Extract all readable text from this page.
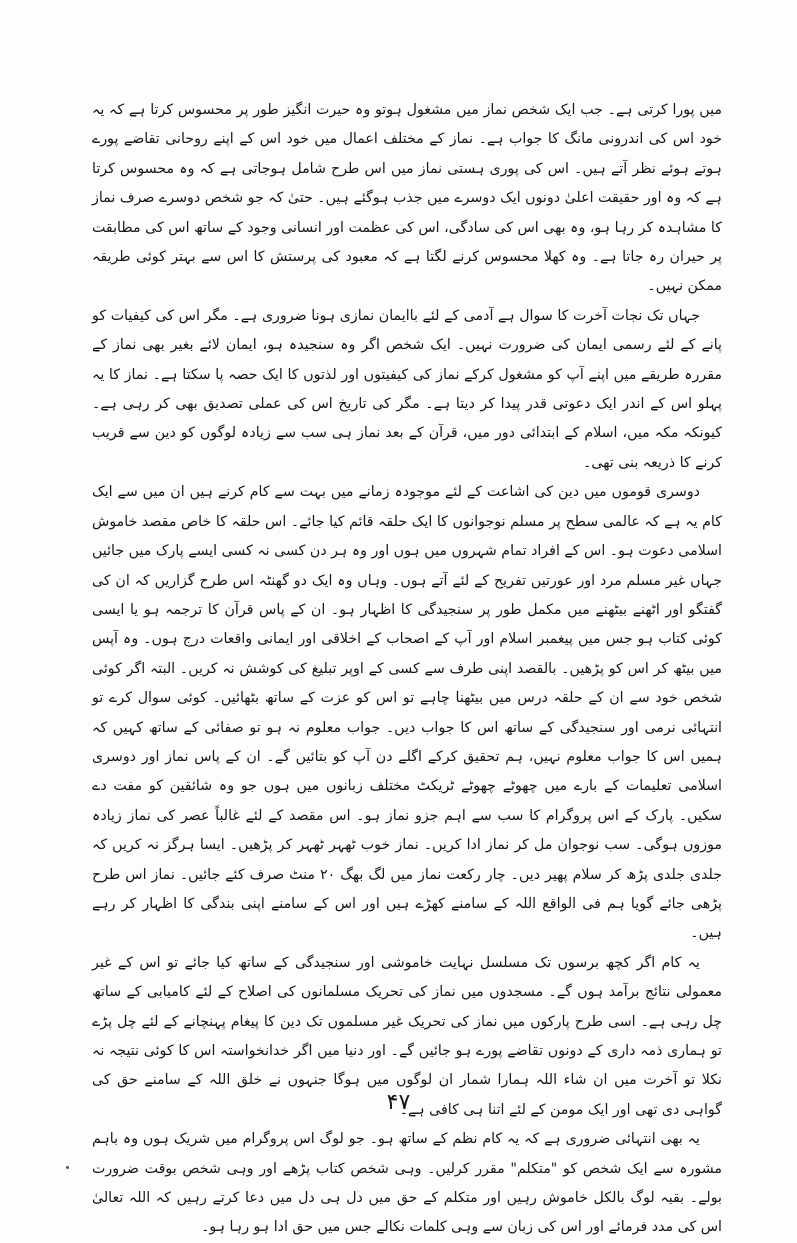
میں پورا کرتی ہے۔ جب ایک شخص نماز میں مشغول ہوتو وہ حیرت انگیز طور پر محسوس کرتا ہے کہ یہ خود اس کی اندرونی مانگ کا جواب ہے۔ نماز کے مختلف اعمال میں خود اس کے اپنے روحانی تقاضے پورے ہوتے ہوئے نظر آتے ہیں۔ اس کی پوری ہستی نماز میں اس طرح شامل ہوجاتی ہے کہ وہ محسوس کرتا ہے کہ وہ اور حقیقت اعلیٰ دونوں ایک دوسرے میں جذب ہوگئے ہیں۔ حتیٰ کہ جو شخص دوسرے صرف نماز کا مشاہدہ کر رہا ہو، وہ بھی اس کی سادگی، اس کی عظمت اور انسانی وجود کے ساتھ اس کی مطابقت پر حیران رہ جاتا ہے۔ وہ کھلا محسوس کرنے لگتا ہے کہ معبود کی پرستش کا اس سے بہتر کوئی طریقہ ممکن نہیں۔

جہاں تک نجات آخرت کا سوال ہے آدمی کے لئے باایمان نمازی ہونا ضروری ہے۔ مگر اس کی کیفیات کو پانے کے لئے رسمی ایمان کی ضرورت نہیں۔ ایک شخص اگر وہ سنجیدہ ہو، ایمان لائے بغیر بھی نماز کے مقررہ طریقے میں اپنے آپ کو مشغول کرکے نماز کی کیفیتوں اور لذتوں کا ایک حصہ پا سکتا ہے۔ نماز کا یہ پہلو اس کے اندر ایک دعوتی قدر پیدا کر دیتا ہے۔ مگر کی تاریخ اس کی عملی تصدیق بھی کر رہی ہے۔ کیونکہ مکہ میں، اسلام کے ابتدائی دور میں، قرآن کے بعد نماز ہی سب سے زیادہ لوگوں کو دین سے قریب کرنے کا ذریعہ بنی تھی۔

دوسری قوموں میں دین کی اشاعت کے لئے موجودہ زمانے میں بہت سے کام کرنے ہیں ان میں سے ایک کام یہ ہے کہ عالمی سطح پر مسلم نوجوانوں کا ایک حلقہ قائم کیا جائے۔ اس حلقہ کا خاص مقصد خاموش اسلامی دعوت ہو۔ اس کے افراد تمام شہروں میں ہوں اور وہ ہر دن کسی نہ کسی ایسے پارک میں جائیں جہاں غیر مسلم مرد اور عورتیں تفریح کے لئے آتے ہوں۔ وہاں وہ ایک دو گھنٹہ اس طرح گزاریں کہ ان کی گفتگو اور اٹھنے بیٹھنے میں مکمل طور پر سنجیدگی کا اظہار ہو۔ ان کے پاس قرآن کا ترجمہ ہو یا ایسی کوئی کتاب ہو جس میں پیغمبر اسلام اور آپ کے اصحاب کے اخلاقی اور ایمانی واقعات درج ہوں۔ وہ آپس میں بیٹھ کر اس کو پڑھیں۔ بالقصد اپنی طرف سے کسی کے اوپر تبلیغ کی کوشش نہ کریں۔ البتہ اگر کوئی شخص خود سے ان کے حلقہ درس میں بیٹھنا چاہے تو اس کو عزت کے ساتھ بٹھائیں۔ کوئی سوال کرے تو انتہائی نرمی اور سنجیدگی کے ساتھ اس کا جواب دیں۔ جواب معلوم نہ ہو تو صفائی کے ساتھ کہیں کہ ہمیں اس کا جواب معلوم نہیں، ہم تحقیق کرکے اگلے دن آپ کو بتائیں گے۔ ان کے پاس نماز اور دوسری اسلامی تعلیمات کے بارے میں چھوٹے چھوٹے ٹریکٹ مختلف زبانوں میں ہوں جو وہ شائقین کو مفت دے سکیں۔ پارک کے اس پروگرام کا سب سے اہم جزو نماز ہو۔ اس مقصد کے لئے غالباً عصر کی نماز زیادہ موزوں ہوگی۔ سب نوجوان مل کر نماز ادا کریں۔ نماز خوب ٹھہر ٹھہر کر پڑھیں۔ ایسا ہرگز نہ کریں کہ جلدی جلدی پڑھ کر سلام پھیر دیں۔ چار رکعت نماز میں لگ بھگ ۲۰ منٹ صرف کئے جائیں۔ نماز اس طرح پڑھی جائے گویا ہم فی الواقع اللہ کے سامنے کھڑے ہیں اور اس کے سامنے اپنی بندگی کا اظہار کر رہے ہیں۔

یہ کام اگر کچھ برسوں تک مسلسل نہایت خاموشی اور سنجیدگی کے ساتھ کیا جائے تو اس کے غیر معمولی نتائج برآمد ہوں گے۔ مسجدوں میں نماز کی تحریک مسلمانوں کی اصلاح کے لئے کامیابی کے ساتھ چل رہی ہے۔ اسی طرح پارکوں میں نماز کی تحریک غیر مسلموں تک دین کا پیغام پہنچانے کے لئے چل پڑے تو ہماری ذمہ داری کے دونوں تقاضے پورے ہو جائیں گے۔ اور دنیا میں اگر خدانخواستہ اس کا کوئی نتیجہ نہ نکلا تو آخرت میں ان شاء اللہ ہمارا شمار ان لوگوں میں ہوگا جنہوں نے خلق اللہ کے سامنے حق کی گواہی دی تھی اور ایک مومن کے لئے اتنا ہی کافی ہے۔

یہ بھی انتہائی ضروری ہے کہ یہ کام نظم کے ساتھ ہو۔ جو لوگ اس پروگرام میں شریک ہوں وہ باہم مشورہ سے ایک شخص کو "متکلم" مقرر کرلیں۔ وہی شخص کتاب پڑھے اور وہی شخص بوقت ضرورت بولے۔ بقیہ لوگ بالکل خاموش رہیں اور متکلم کے حق میں دل ہی دل میں دعا کرتے رہیں کہ اللہ تعالیٰ اس کی مدد فرمائے اور اس کی زبان سے وہی کلمات نکالے جس میں حق ادا ہو رہا ہو۔

۴۷
